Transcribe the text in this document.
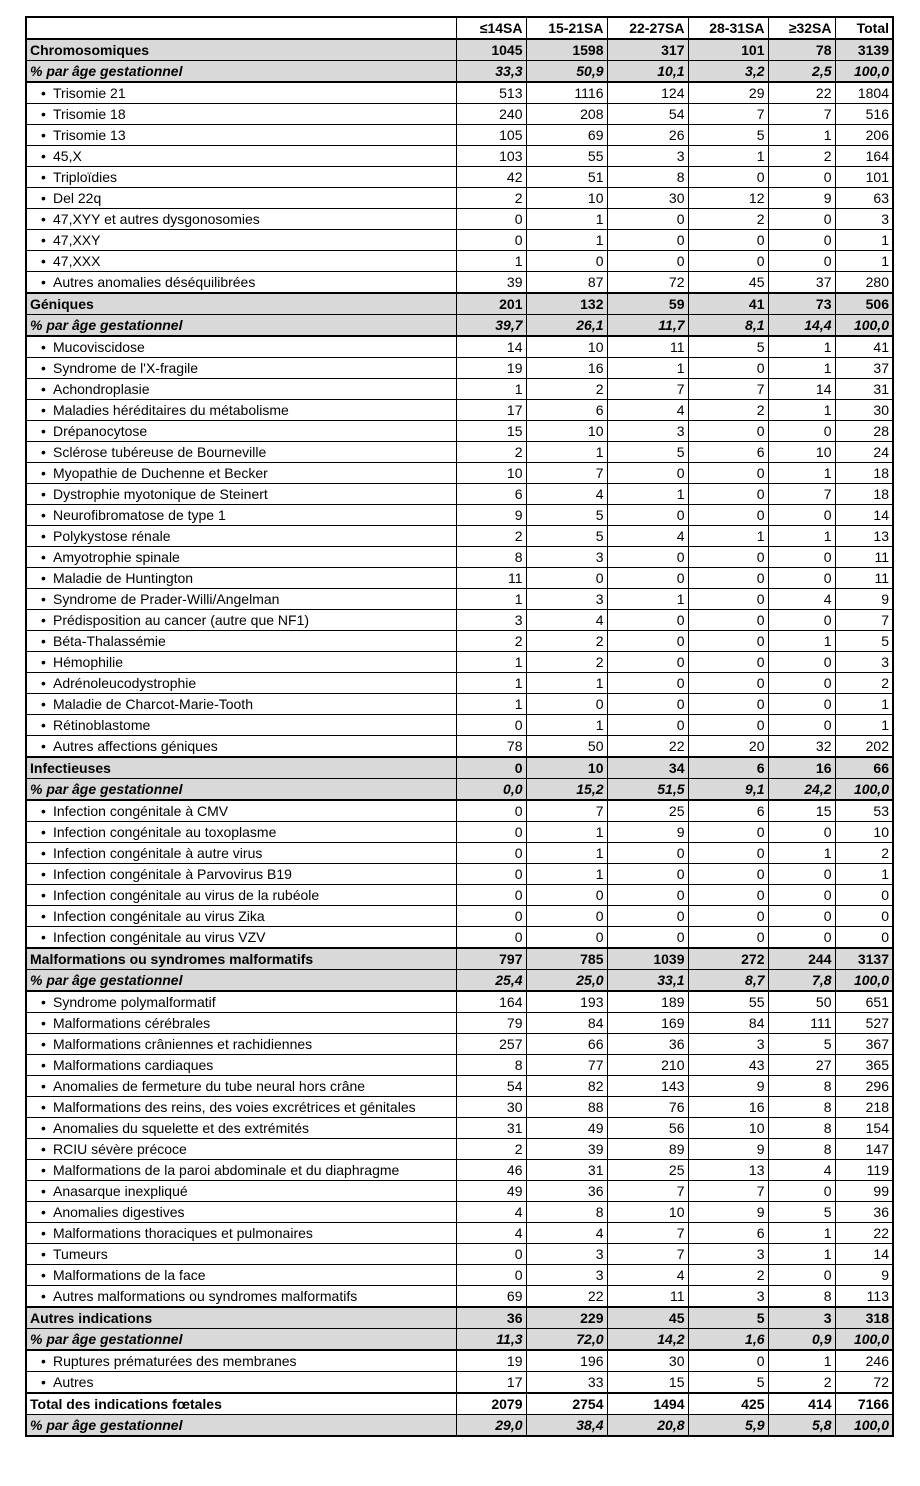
	≤14SA	15-21SA	22-27SA	28-31SA	≥32SA	Total
Chromosomiques	1045	1598	317	101	78	3139
% par âge gestationnel	33,3	50,9	10,1	3,2	2,5	100,0
• Trisomie 21	513	1116	124	29	22	1804
• Trisomie 18	240	208	54	7	7	516
• Trisomie 13	105	69	26	5	1	206
• 45,X	103	55	3	1	2	164
• Triploïdies	42	51	8	0	0	101
• Del 22q	2	10	30	12	9	63
• 47,XYY et autres dysgonosomies	0	1	0	2	0	3
• 47,XXY	0	1	0	0	0	1
• 47,XXX	1	0	0	0	0	1
• Autres anomalies déséquilibrées	39	87	72	45	37	280
Géniques	201	132	59	41	73	506
% par âge gestationnel	39,7	26,1	11,7	8,1	14,4	100,0
• Mucoviscidose	14	10	11	5	1	41
• Syndrome de l'X-fragile	19	16	1	0	1	37
• Achondroplasie	1	2	7	7	14	31
• Maladies héréditaires du métabolisme	17	6	4	2	1	30
• Drépanocytose	15	10	3	0	0	28
• Sclérose tubéreuse de Bourneville	2	1	5	6	10	24
• Myopathie de Duchenne et Becker	10	7	0	0	1	18
• Dystrophie myotonique de Steinert	6	4	1	0	7	18
• Neurofibromatose de type 1	9	5	0	0	0	14
• Polykystose rénale	2	5	4	1	1	13
• Amyotrophie spinale	8	3	0	0	0	11
• Maladie de Huntington	11	0	0	0	0	11
• Syndrome de Prader-Willi/Angelman	1	3	1	0	4	9
• Prédisposition au cancer (autre que NF1)	3	4	0	0	0	7
• Béta-Thalassémie	2	2	0	0	1	5
• Hémophilie	1	2	0	0	0	3
• Adrénoleucodystrophie	1	1	0	0	0	2
• Maladie de Charcot-Marie-Tooth	1	0	0	0	0	1
• Rétinoblastome	0	1	0	0	0	1
• Autres affections géniques	78	50	22	20	32	202
Infectieuses	0	10	34	6	16	66
% par âge gestationnel	0,0	15,2	51,5	9,1	24,2	100,0
• Infection congénitale à CMV	0	7	25	6	15	53
• Infection congénitale au toxoplasme	0	1	9	0	0	10
• Infection congénitale à autre virus	0	1	0	0	1	2
• Infection congénitale à Parvovirus B19	0	1	0	0	0	1
• Infection congénitale au virus de la rubéole	0	0	0	0	0	0
• Infection congénitale au virus Zika	0	0	0	0	0	0
• Infection congénitale au virus VZV	0	0	0	0	0	0
Malformations ou syndromes malformatifs	797	785	1039	272	244	3137
% par âge gestationnel	25,4	25,0	33,1	8,7	7,8	100,0
• Syndrome polymalformatif	164	193	189	55	50	651
• Malformations cérébrales	79	84	169	84	111	527
• Malformations crâniennes et rachidiennes	257	66	36	3	5	367
• Malformations cardiaques	8	77	210	43	27	365
• Anomalies de fermeture du tube neural hors crâne	54	82	143	9	8	296
• Malformations des reins, des voies excrétrices et génitales	30	88	76	16	8	218
• Anomalies du squelette et des extrémités	31	49	56	10	8	154
• RCIU sévère précoce	2	39	89	9	8	147
• Malformations de la paroi abdominale et du diaphragme	46	31	25	13	4	119
• Anasarque inexpliqué	49	36	7	7	0	99
• Anomalies digestives	4	8	10	9	5	36
• Malformations thoraciques et pulmonaires	4	4	7	6	1	22
• Tumeurs	0	3	7	3	1	14
• Malformations de la face	0	3	4	2	0	9
• Autres malformations ou syndromes malformatifs	69	22	11	3	8	113
Autres indications	36	229	45	5	3	318
% par âge gestationnel	11,3	72,0	14,2	1,6	0,9	100,0
• Ruptures prématurées des membranes	19	196	30	0	1	246
• Autres	17	33	15	5	2	72
Total des indications fœtales	2079	2754	1494	425	414	7166
% par âge gestationnel	29,0	38,4	20,8	5,9	5,8	100,0
